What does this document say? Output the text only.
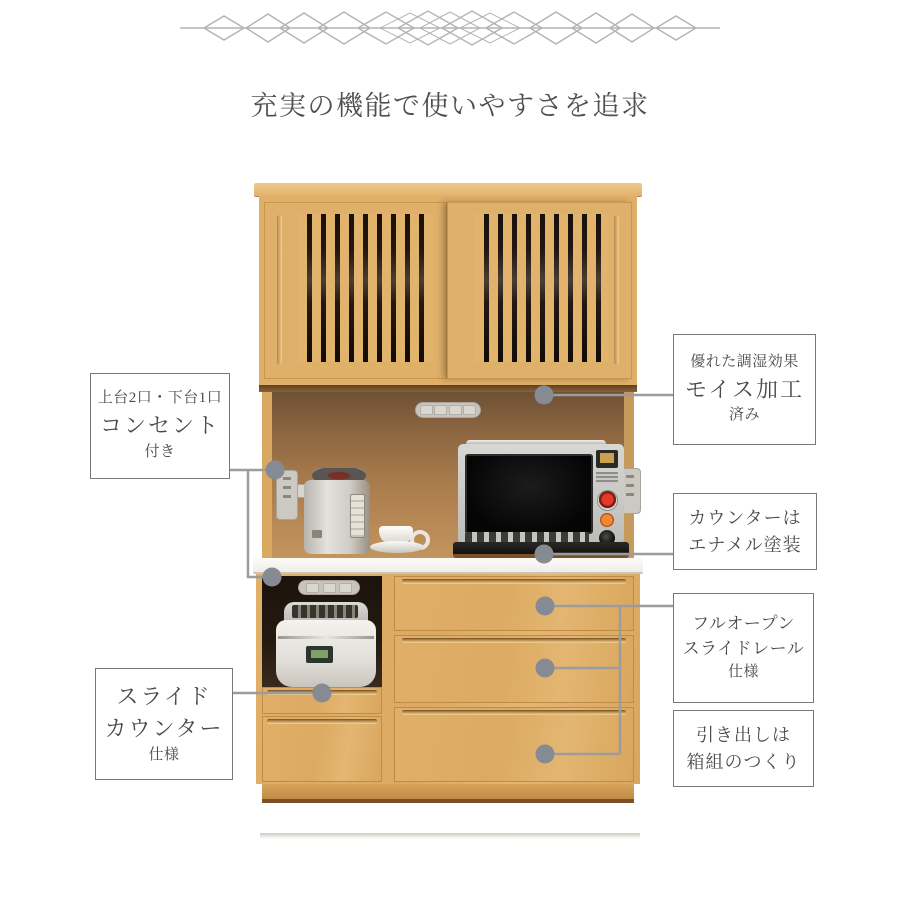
充実の機能で使いやすさを追求
上台2口・下台1口
コンセント
付き
スライド
カウンター
仕様
優れた調湿効果
モイス加工
済み
カウンターは
エナメル塗装
フルオープン
スライドレール
仕様
引き出しは
箱組のつくり
